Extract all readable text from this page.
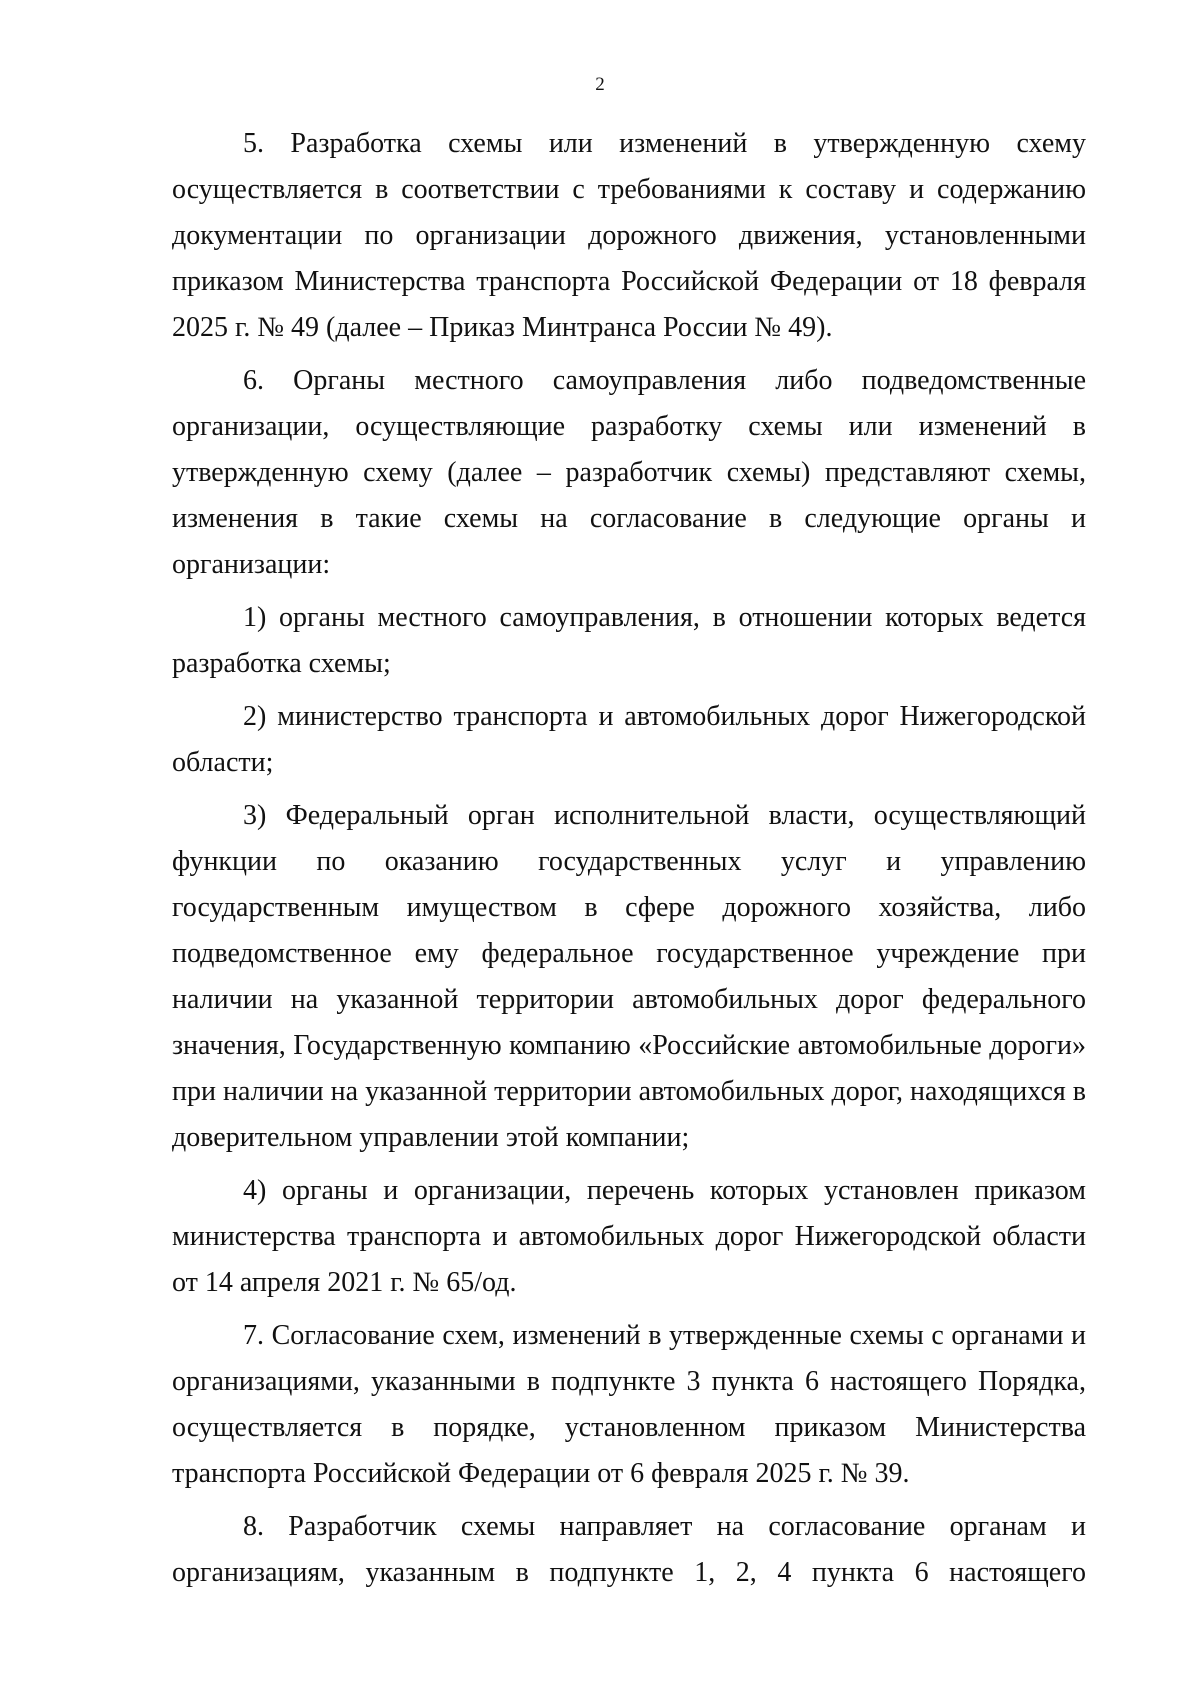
2

5. Разработка схемы или изменений в утвержденную схему осуществляется в соответствии с требованиями к составу и содержанию документации по организации дорожного движения, установленными приказом Министерства транспорта Российской Федерации от 18 февраля 2025 г. № 49 (далее – Приказ Минтранса России № 49).

6. Органы местного самоуправления либо подведомственные организации, осуществляющие разработку схемы или изменений в утвержденную схему (далее – разработчик схемы) представляют схемы, изменения в такие схемы на согласование в следующие органы и организации:

1) органы местного самоуправления, в отношении которых ведется разработка схемы;

2) министерство транспорта и автомобильных дорог Нижегородской области;

3) Федеральный орган исполнительной власти, осуществляющий функции по оказанию государственных услуг и управлению государственным имуществом в сфере дорожного хозяйства, либо подведомственное ему федеральное государственное учреждение при наличии на указанной территории автомобильных дорог федерального значения, Государственную компанию «Российские автомобильные дороги» при наличии на указанной территории автомобильных дорог, находящихся в доверительном управлении этой компании;

4) органы и организации, перечень которых установлен приказом министерства транспорта и автомобильных дорог Нижегородской области от 14 апреля 2021 г. № 65/од.

7. Согласование схем, изменений в утвержденные схемы с органами и организациями, указанными в подпункте 3 пункта 6 настоящего Порядка, осуществляется в порядке, установленном приказом Министерства транспорта Российской Федерации от 6 февраля 2025 г. № 39.

8. Разработчик схемы направляет на согласование органам и организациям, указанным в подпункте 1, 2, 4 пункта 6 настоящего
